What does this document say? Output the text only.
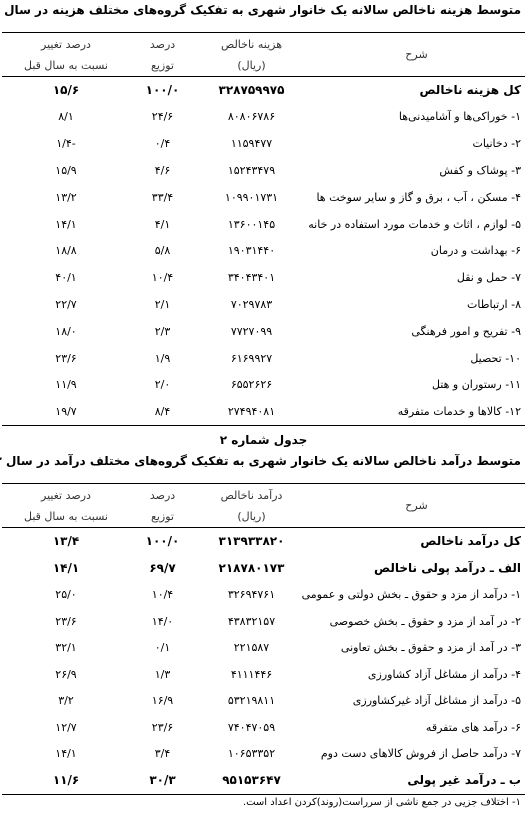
متوسط هزینه ناخالص سالانه یک خانوار شهری به تفکیک گروه‌های مختلف هزینه در سال
شرح	هزینه ناخالص	درصد	درصد تغییر
	(ریال)	توزیع	نسبت به سال قبل
کل هزینه ناخالص	۳۲۸۷۵۹۹۷۵	۱۰۰/۰	۱۵/۶
۱- خوراکی‌ها و آشامیدنی‌ها	۸۰۸۰۶۷۸۶	۲۴/۶	۸/۱
۲- دخانیات	۱۱۵۹۴۷۷	۰/۴	-۱/۴
۳- پوشاک و کفش	۱۵۲۴۳۴۷۹	۴/۶	۱۵/۹
۴- مسکن ، آب ، برق و گاز و سایر سوخت ها	۱۰۹۹۰۱۷۳۱	۳۳/۴	۱۳/۲
۵- لوازم ، اثاث و خدمات مورد استفاده در خانه	۱۳۶۰۰۱۴۵	۴/۱	۱۴/۱
۶- بهداشت و درمان	۱۹۰۳۱۴۴۰	۵/۸	۱۸/۸
۷- حمل و نقل	۳۴۰۴۳۴۰۱	۱۰/۴	۴۰/۱
۸- ارتباطات	۷۰۲۹۷۸۳	۲/۱	۲۲/۷
۹- تفریح و امور فرهنگی	۷۷۲۷۰۹۹	۲/۳	۱۸/۰
۱۰- تحصیل	۶۱۶۹۹۲۷	۱/۹	۲۳/۶
۱۱- رستوران و هتل	۶۵۵۲۶۲۶	۲/۰	۱۱/۹
۱۲- کالاها و خدمات متفرقه	۲۷۴۹۴۰۸۱	۸/۴	۱۹/۷
جدول شماره ۲
متوسط درآمد ناخالص سالانه یک خانوار شهری به تفکیک گروه‌های مختلف درآمد در سال
شرح	درآمد ناخالص	درصد	درصد تغییر
	(ریال)	توزیع	نسبت به سال قبل
کل درآمد ناخالص	۳۱۳۹۳۳۸۲۰	۱۰۰/۰	۱۳/۴
الف ـ درآمد پولی ناخالص	۲۱۸۷۸۰۱۷۳	۶۹/۷	۱۴/۱
۱- درآمد از مزد و حقوق ـ بخش دولتی و عمومی	۳۲۶۹۴۷۶۱	۱۰/۴	۲۵/۰
۲- در آمد از مزد و حقوق ـ بخش خصوصی	۴۳۸۳۲۱۵۷	۱۴/۰	۲۳/۶
۳- در آمد از مزد و حقوق ـ بخش تعاونی	۲۲۱۵۸۷	۰/۱	۳۲/۱
۴- درآمد از مشاغل آزاد کشاورزی	۴۱۱۱۴۴۶	۱/۳	۲۶/۹
۵- درآمد از مشاغل آزاد غیرکشاورزی	۵۳۲۱۹۸۱۱	۱۶/۹	۳/۲
۶- درآمد های متفرقه	۷۴۰۴۷۰۵۹	۲۳/۶	۱۲/۷
۷- درآمد حاصل از فروش کالاهای دست دوم	۱۰۶۵۳۳۵۲	۳/۴	۱۴/۱
ب ـ درآمد غیر پولی	۹۵۱۵۳۶۴۷	۳۰/۳	۱۱/۶
۱- اختلاف جزیی در جمع ناشی از سرراست(روند)کردن اعداد است.
